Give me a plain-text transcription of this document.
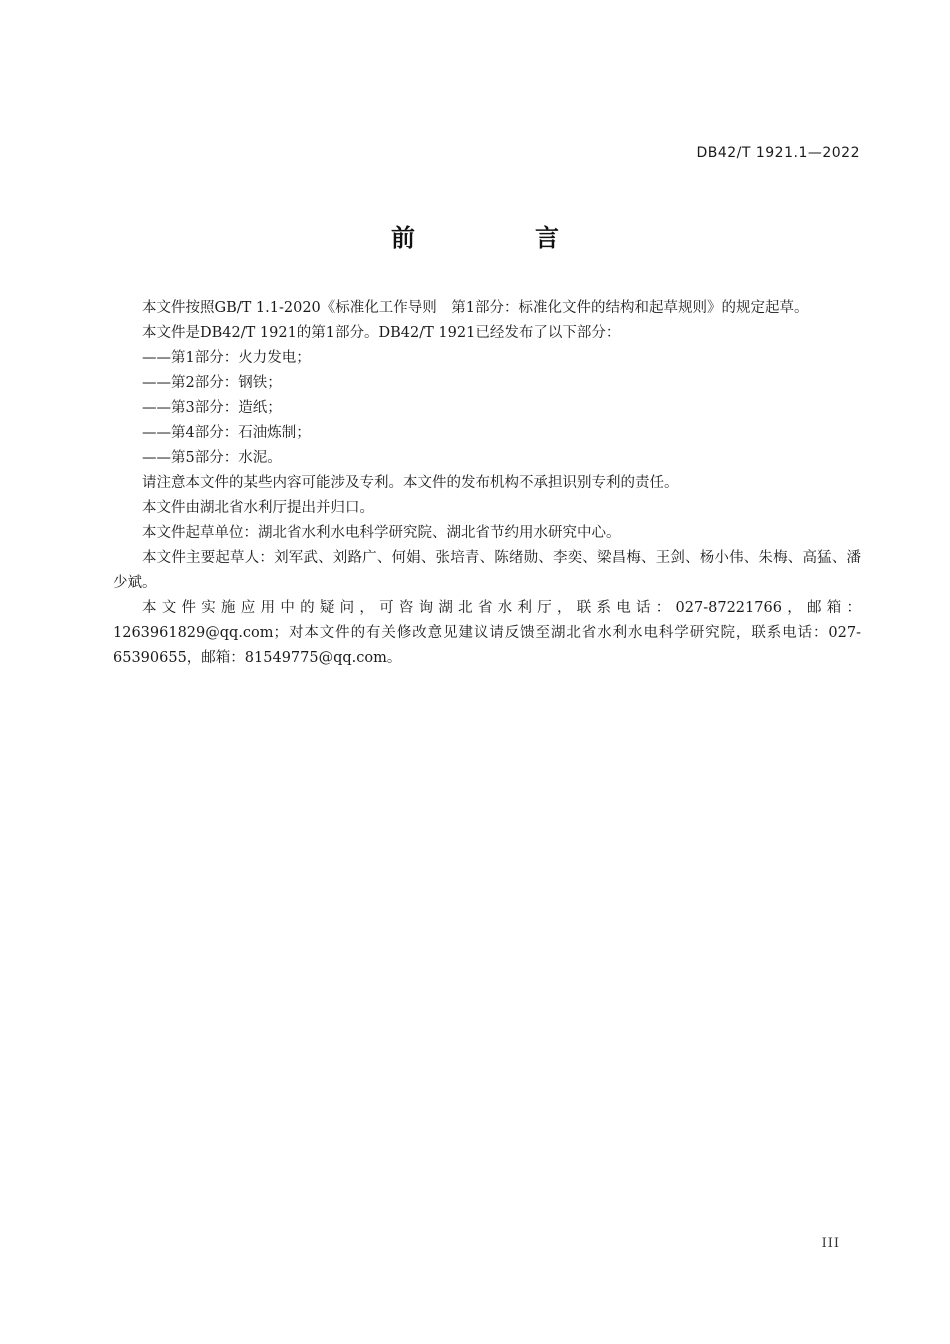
DB42/T 1921.1—2022
前　言

本文件按照GB/T 1.1-2020《标准化工作导则　第1部分：标准化文件的结构和起草规则》的规定起草。

本文件是DB42/T 1921的第1部分。DB42/T 1921已经发布了以下部分：

——第1部分：火力发电；

——第2部分：钢铁；

——第3部分：造纸；

——第4部分：石油炼制；

——第5部分：水泥。

请注意本文件的某些内容可能涉及专利。本文件的发布机构不承担识别专利的责任。

本文件由湖北省水利厅提出并归口。

本文件起草单位：湖北省水利水电科学研究院、湖北省节约用水研究中心。

本文件主要起草人：刘军武、刘路广、何娟、张培青、陈绪勋、李奕、梁昌梅、王剑、杨小伟、朱梅、高猛、潘少斌。

本文件实施应用中的疑问，可咨询湖北省水利厅，联系电话：027-87221766，邮箱：1263961829@qq.com；对本文件的有关修改意见建议请反馈至湖北省水利水电科学研究院，联系电话：027-65390655，邮箱：81549775@qq.com。

III
